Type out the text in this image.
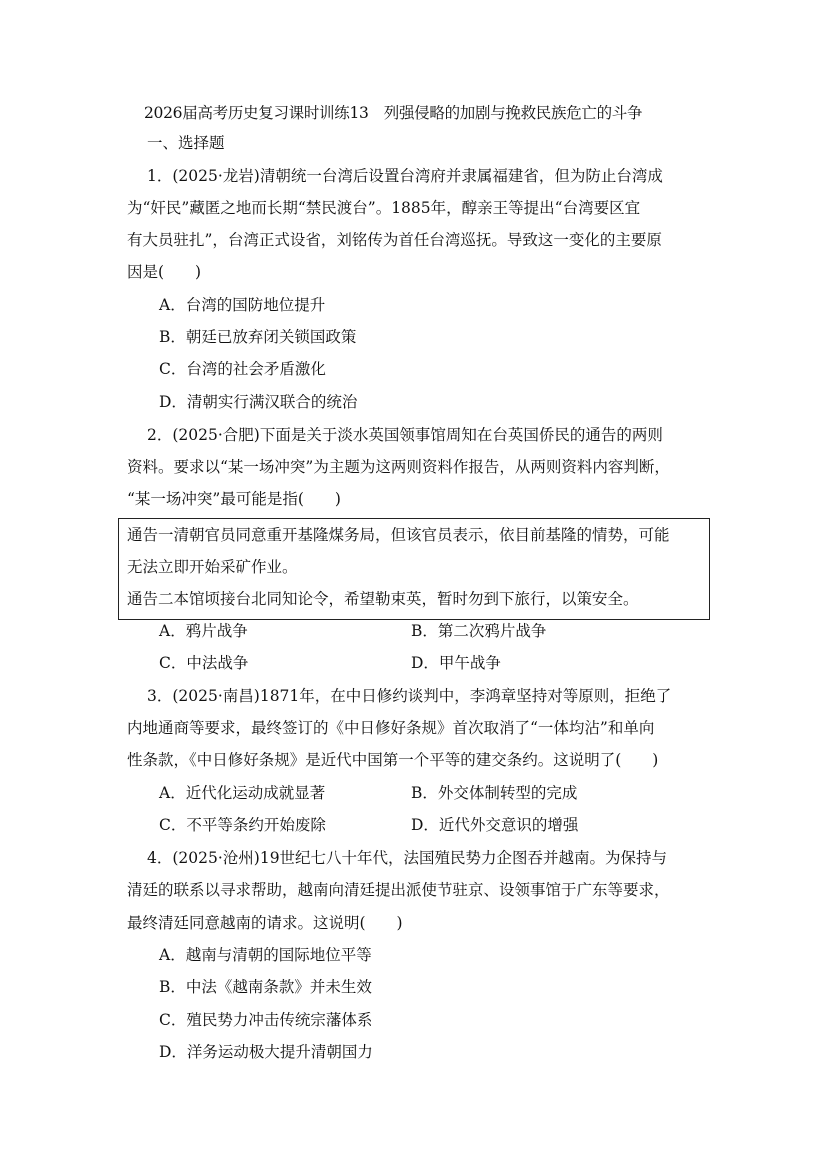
2026届高考历史复习课时训练13　列强侵略的加剧与挽救民族危亡的斗争
一、选择题
1．(2025·龙岩)清朝统一台湾后设置台湾府并隶属福建省，但为防止台湾成
为“奸民”藏匿之地而长期“禁民渡台”。1885年，醇亲王等提出“台湾要区宜
有大员驻扎”，台湾正式设省，刘铭传为首任台湾巡抚。导致这一变化的主要原
因是(　　)
A．台湾的国防地位提升
B．朝廷已放弃闭关锁国政策
C．台湾的社会矛盾激化
D．清朝实行满汉联合的统治
2．(2025·合肥)下面是关于淡水英国领事馆周知在台英国侨民的通告的两则
资料。要求以“某一场冲突”为主题为这两则资料作报告，从两则资料内容判断，
“某一场冲突”最可能是指(　　)
通告一清朝官员同意重开基隆煤务局，但该官员表示，依目前基隆的情势，可能
无法立即开始采矿作业。
通告二本馆顷接台北同知论令，希望勒束英，暂时勿到下旅行，以策安全。
A．鸦片战争	B．第二次鸦片战争
C．中法战争	D．甲午战争
3．(2025·南昌)1871年，在中日修约谈判中，李鸿章坚持对等原则，拒绝了
内地通商等要求，最终签订的《中日修好条规》首次取消了“一体均沾”和单向
性条款，《中日修好条规》是近代中国第一个平等的建交条约。这说明了(　　)
A．近代化运动成就显著	B．外交体制转型的完成
C．不平等条约开始废除	D．近代外交意识的增强
4．(2025·沧州)19世纪七八十年代，法国殖民势力企图吞并越南。为保持与
清廷的联系以寻求帮助，越南向清廷提出派使节驻京、设领事馆于广东等要求，
最终清廷同意越南的请求。这说明(　　)
A．越南与清朝的国际地位平等
B．中法《越南条款》并未生效
C．殖民势力冲击传统宗藩体系
D．洋务运动极大提升清朝国力
